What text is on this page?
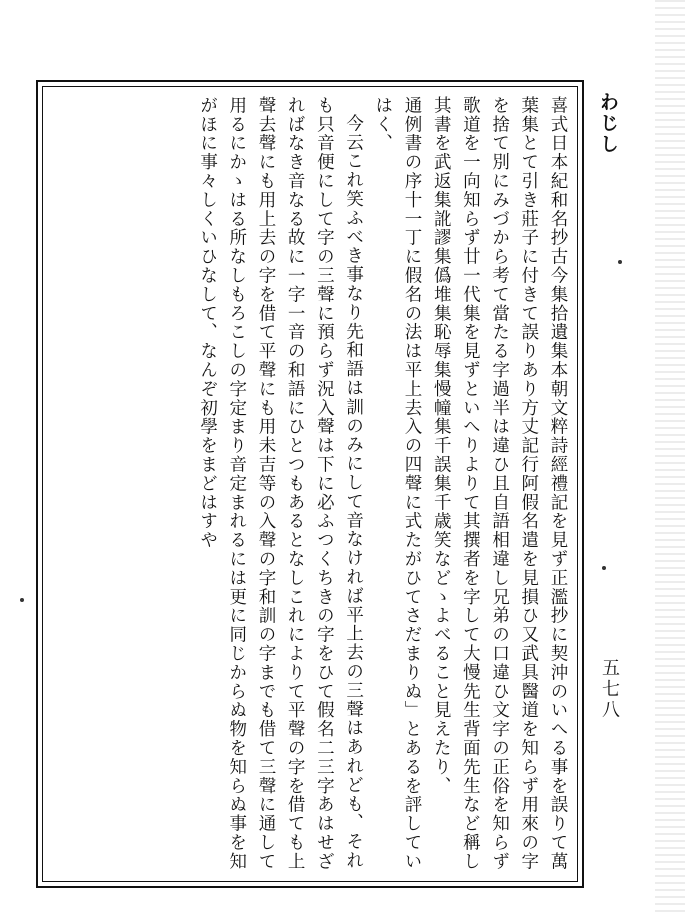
わじし
五七八

喜式日本紀和名抄古今集拾遺集本朝文粹詩經禮記を見ず正濫抄に契沖のいへる事を誤りて萬葉集とて引き莊子に付きて誤りあり方丈記行阿假名遣を見損ひ又武具醫道を知らず用來の字を捨て別にみづから考て當たる字過半は違ひ且自語相違し兄弟の口違ひ文字の正俗を知らず歌道を一向知らず廿一代集を見ずといへりよりて其撰者を字して大慢先生背面先生など稱し其書を武返集訛謬集僞堆集恥辱集慢幢集千誤集千歳笑などゝよべること見えたり、

通例書の序十一丁に假名の法は平上去入の四聲に式たがひてさだまりぬ」とあるを評していはく、

今云これ笑ふべき事なり先和語は訓のみにして音なければ平上去の三聲はあれども、それも只音便にして字の三聲に預らず況入聲は下に必ふつくちきの字をひて假名二三字あはせざればなき音なる故に一字一音の和語にひとつもあるとなしこれによりて平聲の字を借ても上聲去聲にも用上去の字を借て平聲にも用未吉等の入聲の字和訓の字までも借て三聲に通して用るにかゝはる所なしもろこしの字定まり音定まれるには更に同じからぬ物を知らぬ事を知がほに事々しくいひなして、なんぞ初學をまどはすや
